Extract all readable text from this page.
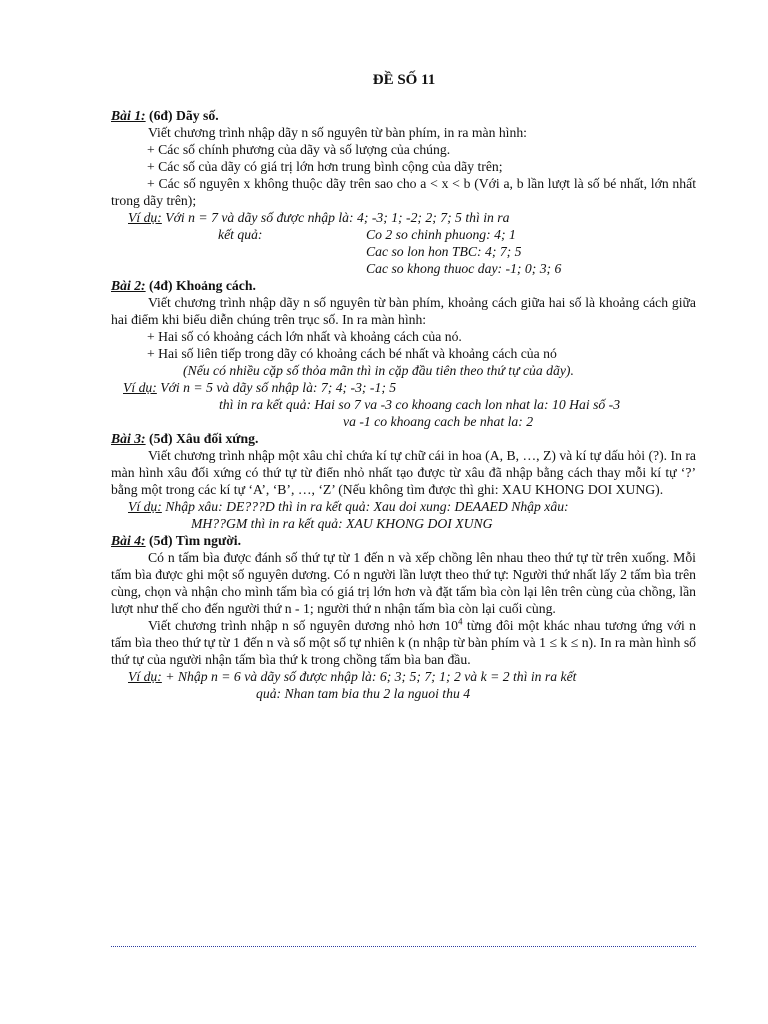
ĐỀ SỐ 11

Bài 1: (6đ) Dãy số.

Viết chương trình nhập dãy n số nguyên từ bàn phím, in ra màn hình:

+ Các số chính phương của dãy và số lượng của chúng.

+ Các số của dãy có giá trị lớn hơn trung bình cộng của dãy trên;

+ Các số nguyên x không thuộc dãy trên sao cho a < x < b (Với a, b lần lượt là số bé nhất, lớn nhất trong dãy trên);

Ví dụ: Với n = 7 và dãy số được nhập là: 4; -3; 1; -2; 2; 7; 5 thì in ra

kết quả:	Co 2 so chinh phuong: 4; 1

Cac so lon hon TBC: 4; 7; 5

Cac so khong thuoc day: -1; 0; 3; 6

Bài 2: (4đ) Khoảng cách.

Viết chương trình nhập dãy n số nguyên từ bàn phím, khoảng cách giữa hai số là khoảng cách giữa hai điểm khi biểu diễn chúng trên trục số. In ra màn hình:

+ Hai số có khoảng cách lớn nhất và khoảng cách của nó.

+ Hai số liên tiếp trong dãy có khoảng cách bé nhất và khoảng cách của nó

(Nếu có nhiều cặp số thỏa mãn thì in cặp đầu tiên theo thứ tự của dãy).

Ví dụ: Với n = 5 và dãy số nhập là: 7; 4; -3; -1; 5

thì in ra kết quả: Hai so 7 va -3 co khoang cach lon nhat la: 10 Hai số -3

va -1 co khoang cach be nhat la: 2

Bài 3: (5đ) Xâu đối xứng.

Viết chương trình nhập một xâu chỉ chứa kí tự chữ cái in hoa (A, B, …, Z) và kí tự dấu hỏi (?). In ra màn hình xâu đối xứng có thứ tự từ điển nhỏ nhất tạo được từ xâu đã nhập bằng cách thay mỗi kí tự ‘?’ bằng một trong các kí tự ‘A’, ‘B’, …, ‘Z’ (Nếu không tìm được thì ghi: XAU KHONG DOI XUNG).

Ví dụ: Nhập xâu: DE???D thì in ra kết quả: Xau doi xung: DEAAED Nhập xâu:

MH??GM thì in ra kết quả: XAU KHONG DOI XUNG

Bài 4: (5đ) Tìm người.

Có n tấm bìa được đánh số thứ tự từ 1 đến n và xếp chồng lên nhau theo thứ tự từ trên xuống. Mỗi tấm bìa được ghi một số nguyên dương. Có n người lần lượt theo thứ tự: Người thứ nhất lấy 2 tấm bìa trên cùng, chọn và nhận cho mình tấm bìa có giá trị lớn hơn và đặt tấm bìa còn lại lên trên cùng của chồng, lần lượt như thế cho đến người thứ n - 1; người thứ n nhận tấm bìa còn lại cuối cùng.

Viết chương trình nhập n số nguyên dương nhỏ hơn $10^4$ từng đôi một khác nhau tương ứng với n tấm bìa theo thứ tự từ 1 đến n và số một số tự nhiên k (n nhập từ bàn phím và 1 ≤ k ≤ n). In ra màn hình số thứ tự của người nhận tấm bìa thứ k trong chồng tấm bìa ban đầu.

Ví dụ: + Nhập n = 6 và dãy số được nhập là: 6; 3; 5; 7; 1; 2 và k = 2 thì in ra kết

quả: Nhan tam bia thu 2 la nguoi thu 4
